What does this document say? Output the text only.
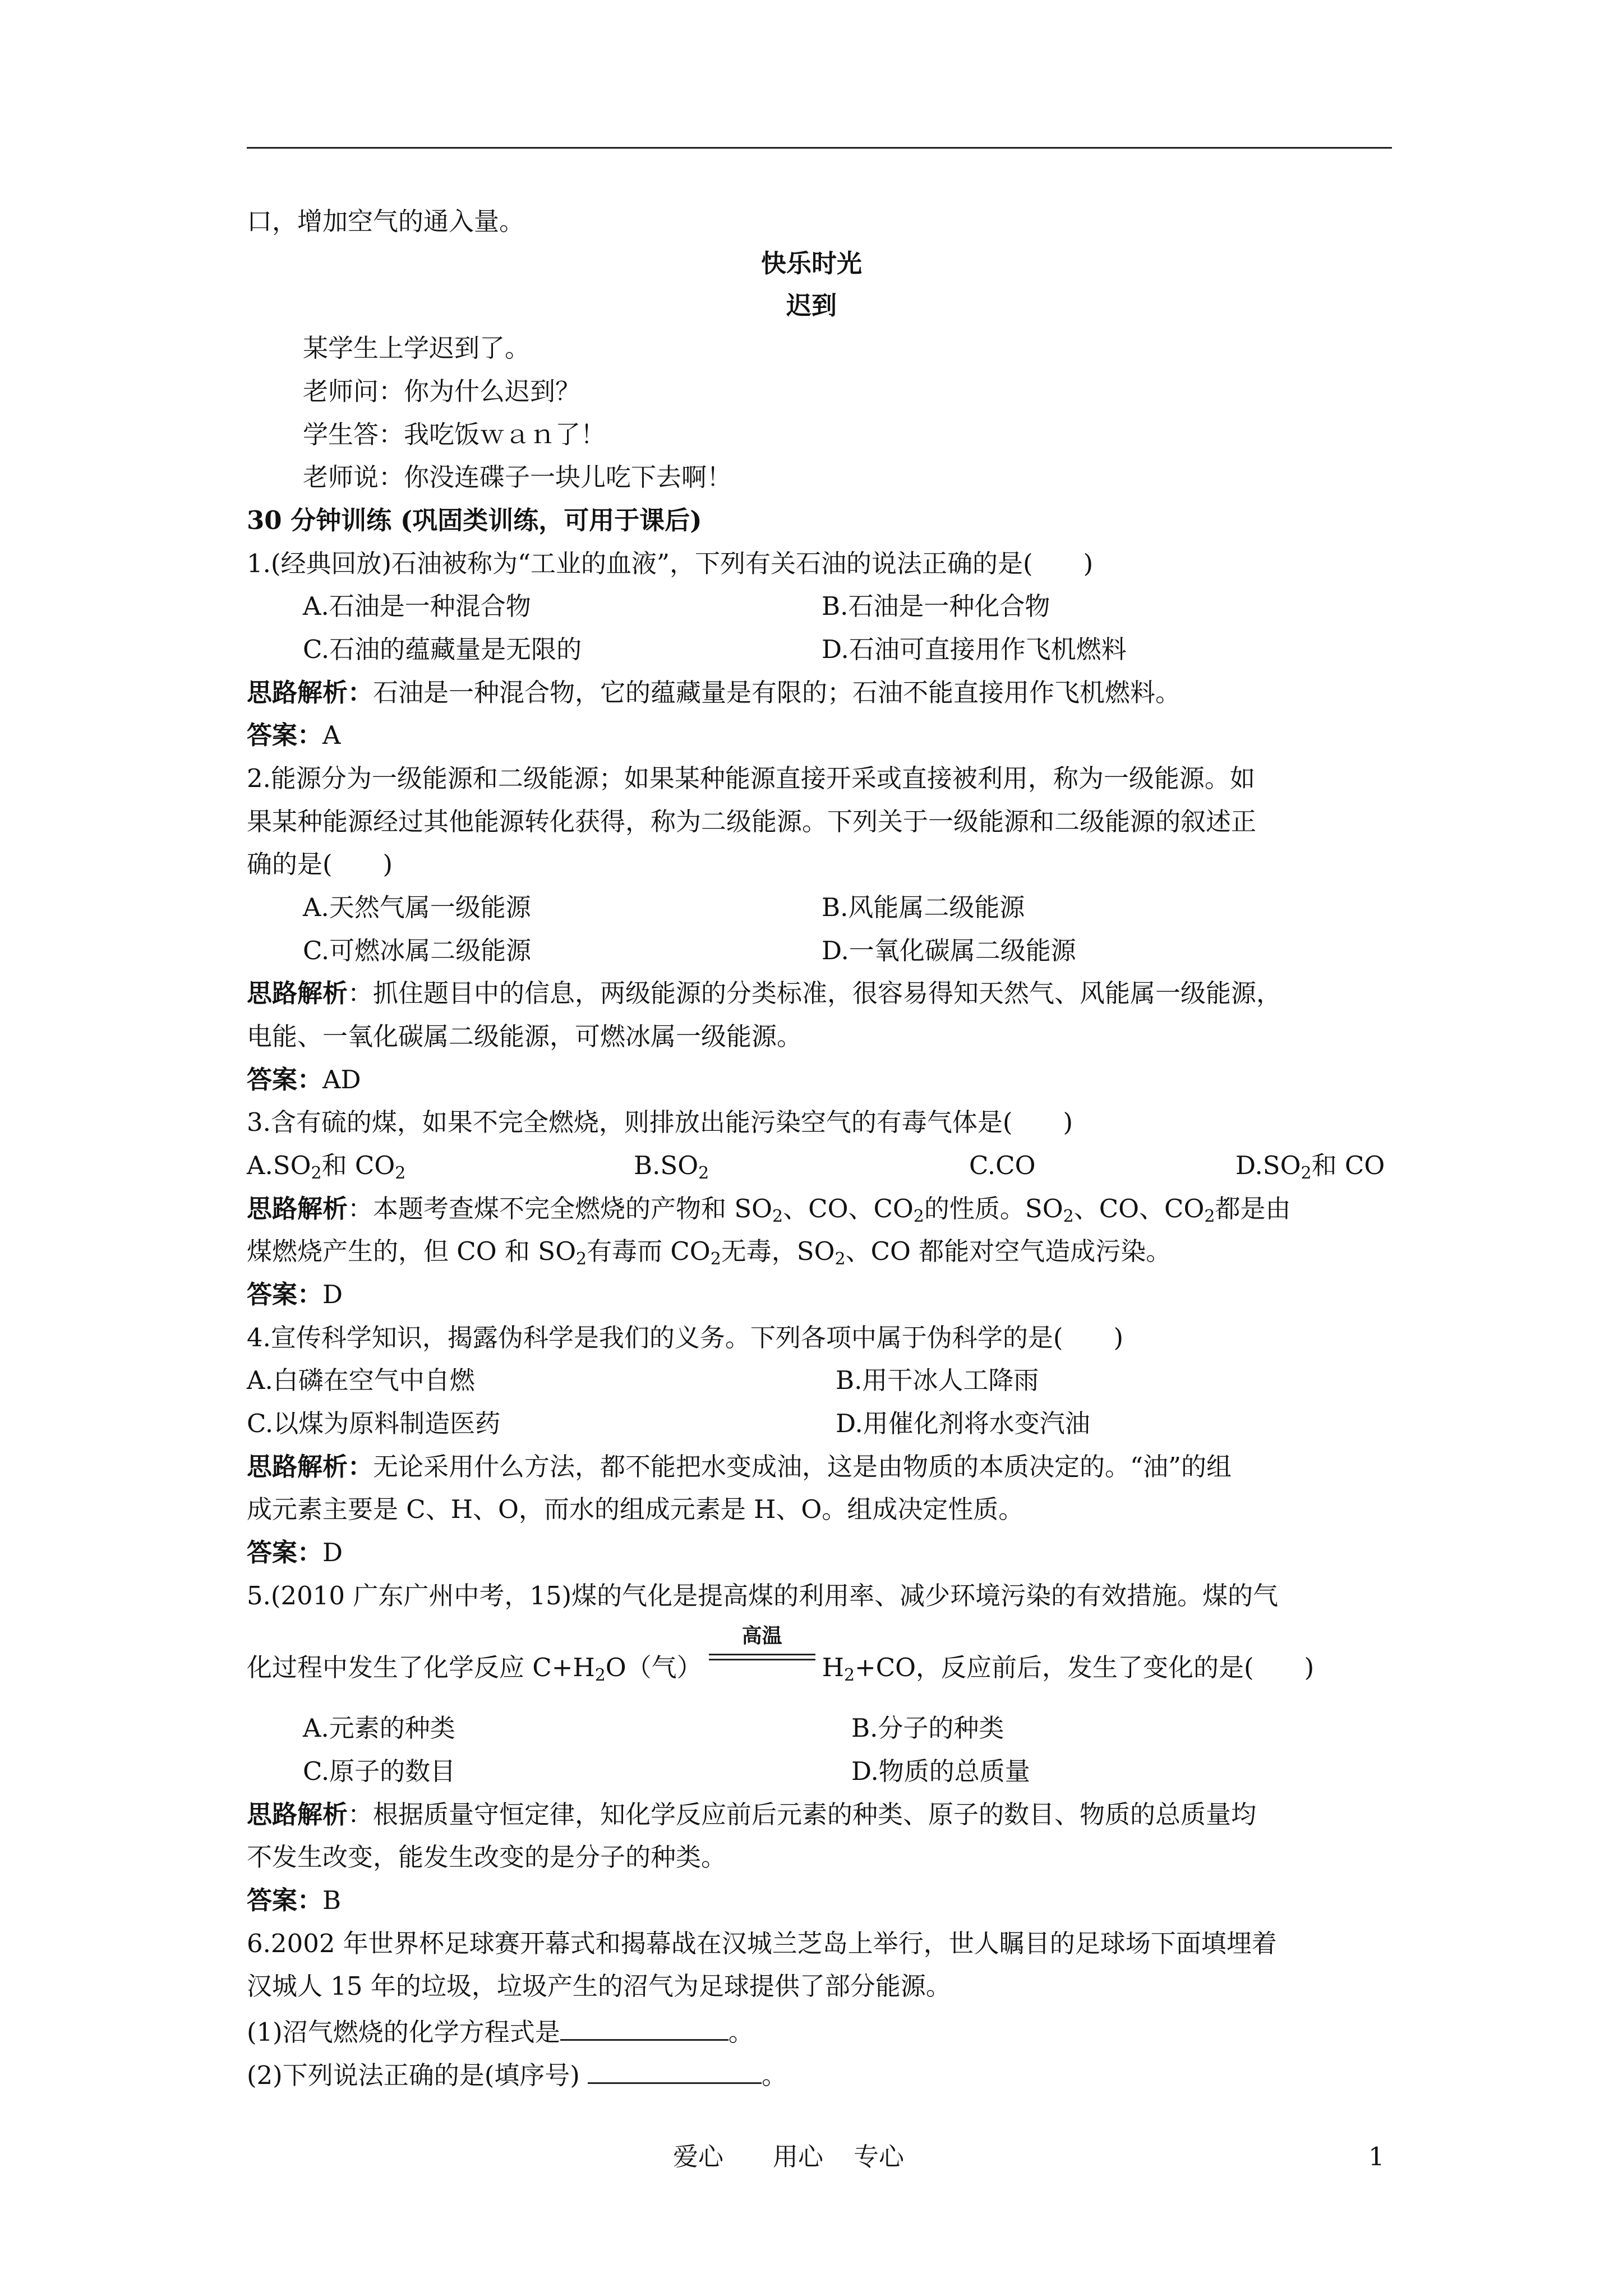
口，增加空气的通入量。
快乐时光
迟到
某学生上学迟到了。
老师问：你为什么迟到？
学生答：我吃饭ｗａｎ了！
老师说：你没连碟子一块儿吃下去啊！
30 分钟训练 (巩固类训练，可用于课后)
1.(经典回放)石油被称为“工业的血液”，下列有关石油的说法正确的是(　　)
A.石油是一种混合物	B.石油是一种化合物
C.石油的蕴藏量是无限的	D.石油可直接用作飞机燃料
思路解析：石油是一种混合物，它的蕴藏量是有限的；石油不能直接用作飞机燃料。
答案：A
2.能源分为一级能源和二级能源；如果某种能源直接开采或直接被利用，称为一级能源。如
果某种能源经过其他能源转化获得，称为二级能源。下列关于一级能源和二级能源的叙述正
确的是(　　)
A.天然气属一级能源	B.风能属二级能源
C.可燃冰属二级能源	D.一氧化碳属二级能源
思路解析：抓住题目中的信息，两级能源的分类标准，很容易得知天然气、风能属一级能源，
电能、一氧化碳属二级能源，可燃冰属一级能源。
答案：AD
3.含有硫的煤，如果不完全燃烧，则排放出能污染空气的有毒气体是(　　)
$A.SO_2$和 $CO_2$	$B.SO_2$	C.CO	$D.SO_2$和 CO
思路解析：本题考查煤不完全燃烧的产物和 $SO_2$、CO、$CO_2$的性质。$SO_2$、CO、$CO_2$都是由
煤燃烧产生的，但 CO 和 $SO_2$有毒而 $CO_2$无毒，$SO_2$、CO 都能对空气造成污染。
答案：D
4.宣传科学知识，揭露伪科学是我们的义务。下列各项中属于伪科学的是(　　)
A.白磷在空气中自燃	B.用干冰人工降雨
C.以煤为原料制造医药	D.用催化剂将水变汽油
思路解析：无论采用什么方法，都不能把水变成油，这是由物质的本质决定的。“油”的组
成元素主要是 C、H、O，而水的组成元素是 H、O。组成决定性质。
答案：D
5.(2010 广东广州中考，15)煤的气化是提高煤的利用率、减少环境污染的有效措施。煤的气
化过程中发生了化学反应 $C+H_2O$（气）
高温
$H_2+CO$，反应前后，发生了变化的是(　　)
A.元素的种类	B.分子的种类
C.原子的数目	D.物质的总质量
思路解析：根据质量守恒定律，知化学反应前后元素的种类、原子的数目、物质的总质量均
不发生改变，能发生改变的是分子的种类。
答案：B
6.2002 年世界杯足球赛开幕式和揭幕战在汉城兰芝岛上举行，世人瞩目的足球场下面填埋着
汉城人 15 年的垃圾，垃圾产生的沼气为足球提供了部分能源。
(1)沼气燃烧的化学方程式是	。
(2)下列说法正确的是(填序号)	。
爱心 用心 专心	1
